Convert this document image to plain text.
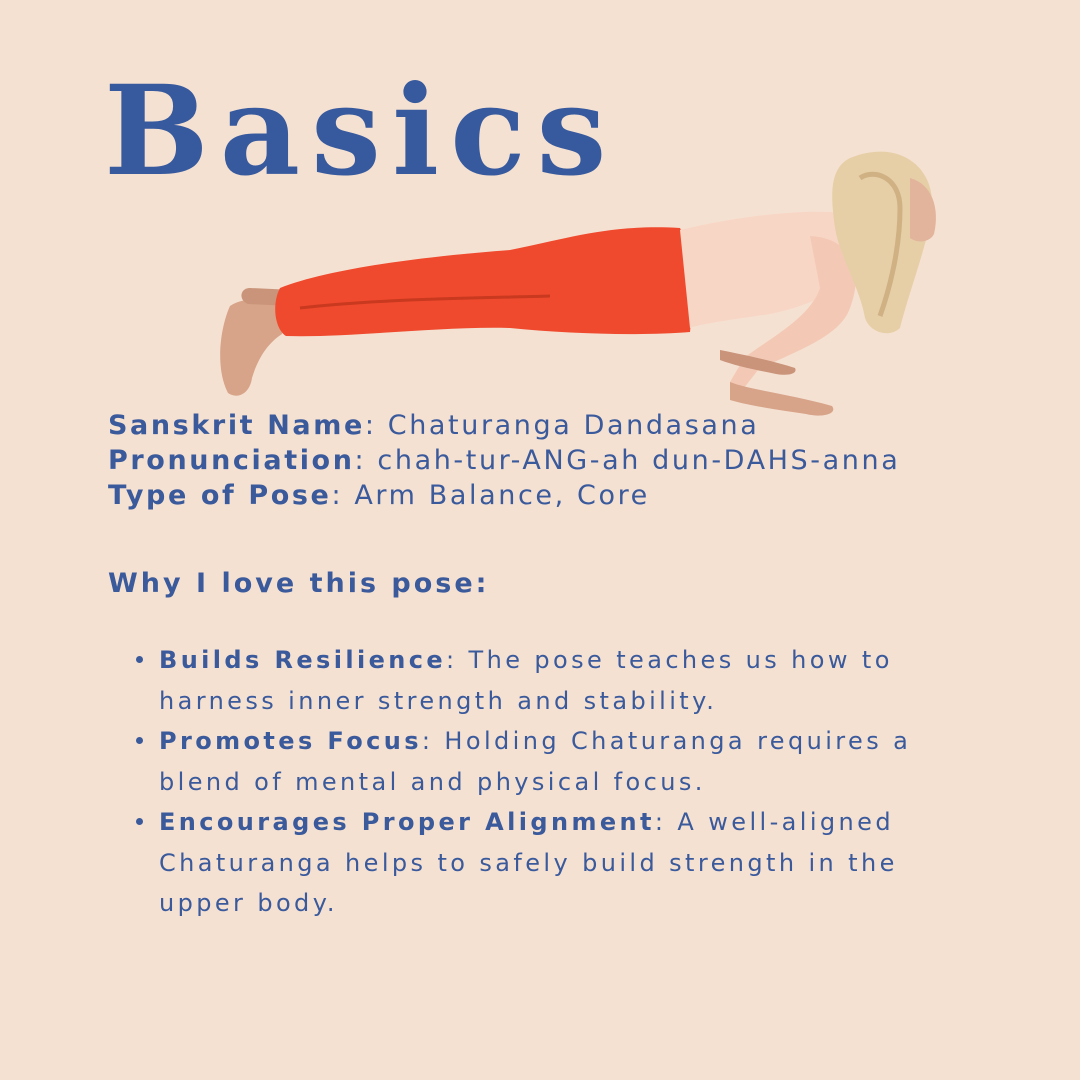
Basics
Sanskrit Name: Chaturanga Dandasana
Pronunciation: chah-tur-ANG-ah dun-DAHS-anna
Type of Pose: Arm Balance, Core
Why I love this pose:
Builds Resilience: The pose teaches us how to harness inner strength and stability.
Promotes Focus: Holding Chaturanga requires a blend of mental and physical focus.
Encourages Proper Alignment: A well-aligned Chaturanga helps to safely build strength in the upper body.
